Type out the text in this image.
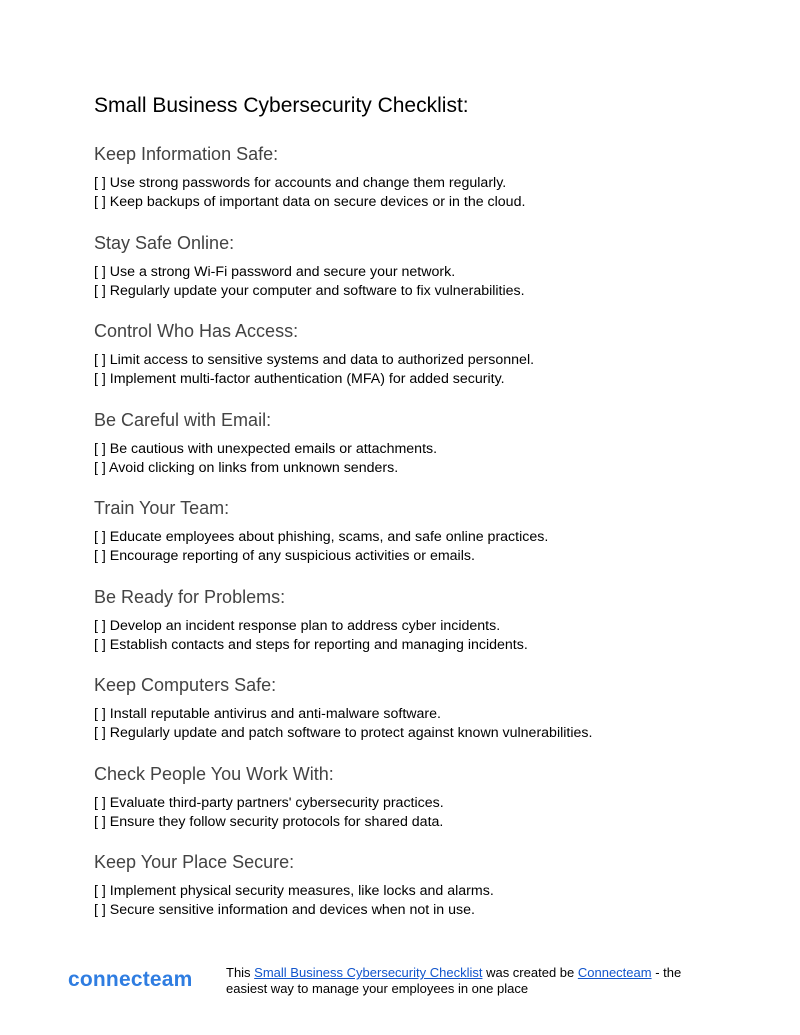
Small Business Cybersecurity Checklist:
Keep Information Safe:
[ ] Use strong passwords for accounts and change them regularly.
[ ] Keep backups of important data on secure devices or in the cloud.
Stay Safe Online:
[ ] Use a strong Wi-Fi password and secure your network.
[ ] Regularly update your computer and software to fix vulnerabilities.
Control Who Has Access:
[ ] Limit access to sensitive systems and data to authorized personnel.
[ ] Implement multi-factor authentication (MFA) for added security.
Be Careful with Email:
[ ] Be cautious with unexpected emails or attachments.
[ ] Avoid clicking on links from unknown senders.
Train Your Team:
[ ] Educate employees about phishing, scams, and safe online practices.
[ ] Encourage reporting of any suspicious activities or emails.
Be Ready for Problems:
[ ] Develop an incident response plan to address cyber incidents.
[ ] Establish contacts and steps for reporting and managing incidents.
Keep Computers Safe:
[ ] Install reputable antivirus and anti-malware software.
[ ] Regularly update and patch software to protect against known vulnerabilities.
Check People You Work With:
[ ] Evaluate third-party partners' cybersecurity practices.
[ ] Ensure they follow security protocols for shared data.
Keep Your Place Secure:
[ ] Implement physical security measures, like locks and alarms.
[ ] Secure sensitive information and devices when not in use.
connecteam	This Small Business Cybersecurity Checklist was created be Connecteam - the easiest way to manage your employees in one place
